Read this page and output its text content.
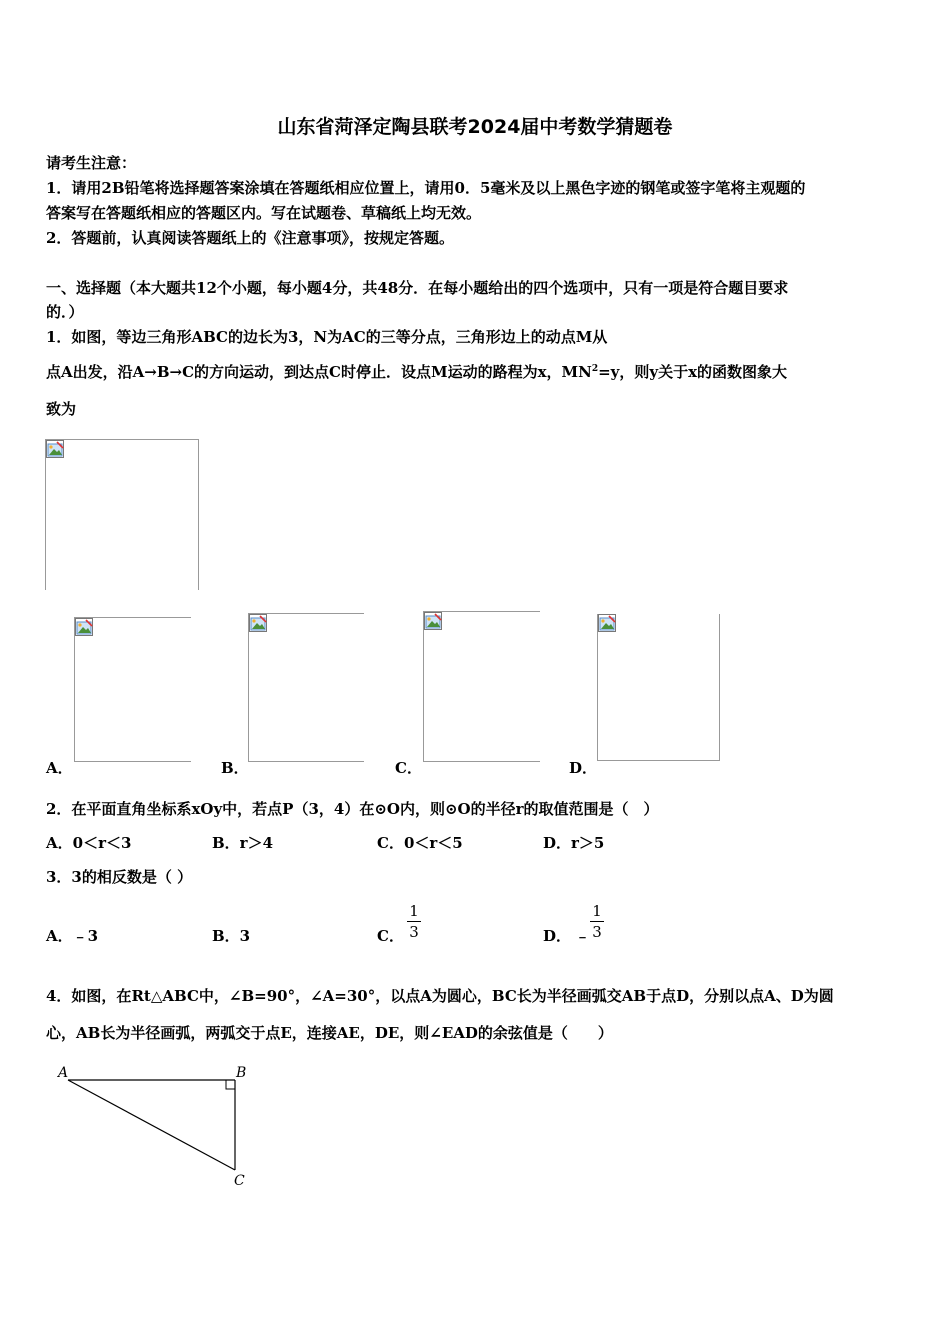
山东省菏泽定陶县联考2024届中考数学猜题卷
请考生注意：
1．请用2B铅笔将选择题答案涂填在答题纸相应位置上，请用0．5毫米及以上黑色字迹的钢笔或签字笔将主观题的
答案写在答题纸相应的答题区内。写在试题卷、草稿纸上均无效。
2．答题前，认真阅读答题纸上的《注意事项》，按规定答题。
一、选择题（本大题共12个小题，每小题4分，共48分．在每小题给出的四个选项中，只有一项是符合题目要求
的．）
1．如图，等边三角形ABC的边长为3，N为AC的三等分点，三角形边上的动点M从
点A出发，沿A→B→C的方向运动，到达点C时停止．设点M运动的路程为x，$MN^2=y$，则y关于x的函数图象大
致为
A．	B．	C．	D．
2．在平面直角坐标系xOy中，若点P（3，4）在⊙O内，则⊙O的半径r的取值范围是（　）
A．0＜r＜3	B．r＞4	C．0＜r＜5	D．r＞5
3．3的相反数是（ ）
A．﹣3	B．3	C．
1
3	D． ﹣
1
3
4．如图，在Rt△ABC中，∠B=90°，∠A=30°，以点A为圆心，BC长为半径画弧交AB于点D，分别以点A、D为圆
心，AB长为半径画弧，两弧交于点E，连接AE，DE，则∠EAD的余弦值是（　　）
A	B
C
